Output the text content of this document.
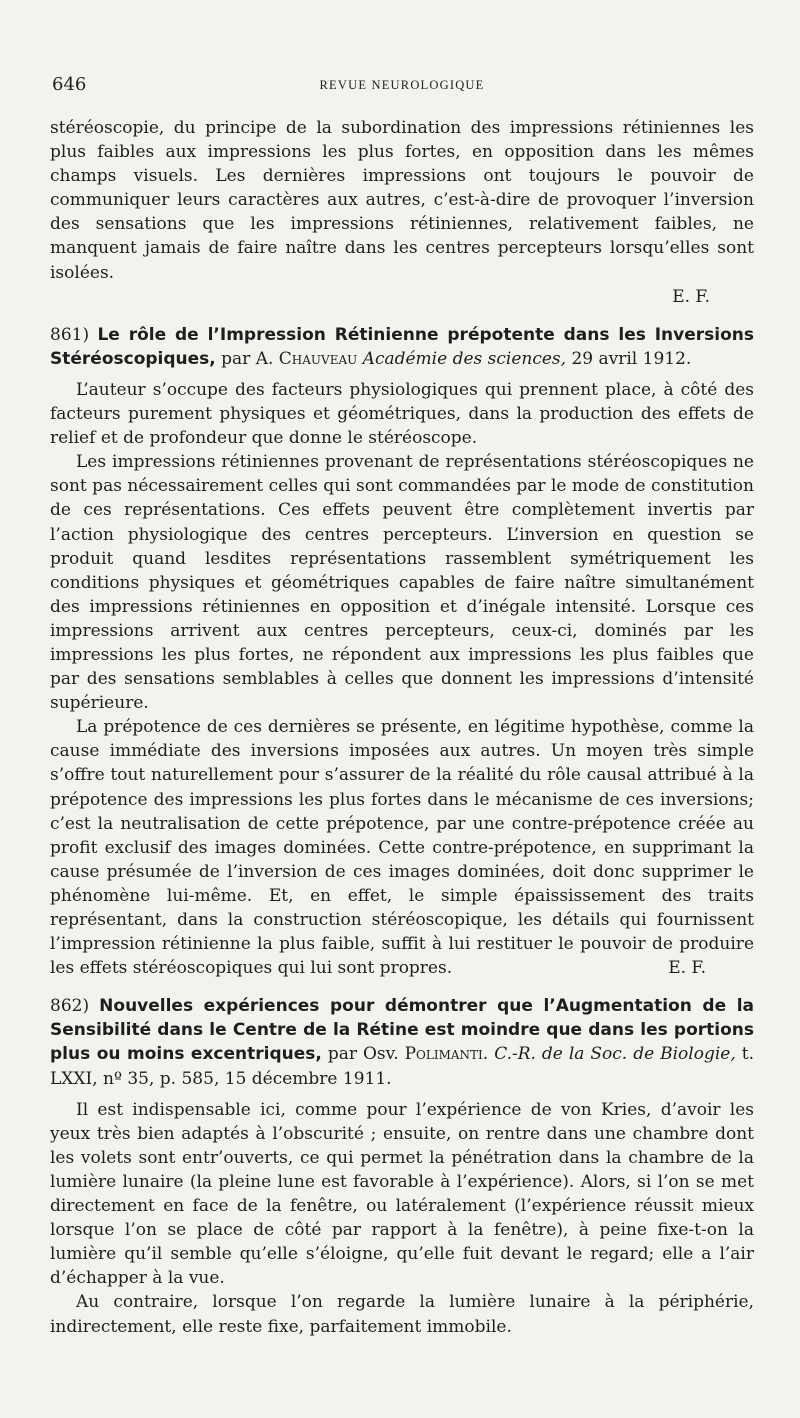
646	REVUE NEUROLOGIQUE

stéréoscopie, du principe de la subordination des impressions rétiniennes les plus faibles aux impressions les plus fortes, en opposition dans les mêmes champs visuels. Les dernières impressions ont toujours le pouvoir de communiquer leurs caractères aux autres, c’est-à-dire de provoquer l’inversion des sensations que les impressions rétiniennes, relativement faibles, ne manquent jamais de faire naître dans les centres percepteurs lorsqu’elles sont isolées.

E. F.

861) Le rôle de l’Impression Rétinienne prépotente dans les Inversions Stéréoscopiques, par A. Chauveau Académie des sciences, 29 avril 1912.

L’auteur s’occupe des facteurs physiologiques qui prennent place, à côté des facteurs purement physiques et géométriques, dans la production des effets de relief et de profondeur que donne le stéréoscope.

Les impressions rétiniennes provenant de représentations stéréoscopiques ne sont pas nécessairement celles qui sont commandées par le mode de constitution de ces représentations. Ces effets peuvent être complètement invertis par l’action physiologique des centres percepteurs. L’inversion en question se produit quand lesdites représentations rassemblent symétriquement les conditions physiques et géométriques capables de faire naître simultanément des impressions rétiniennes en opposition et d’inégale intensité. Lorsque ces impressions arrivent aux centres percepteurs, ceux-ci, dominés par les impressions les plus fortes, ne répondent aux impressions les plus faibles que par des sensations semblables à celles que donnent les impressions d’intensité supérieure.

La prépotence de ces dernières se présente, en légitime hypothèse, comme la cause immédiate des inversions imposées aux autres. Un moyen très simple s’offre tout naturellement pour s’assurer de la réalité du rôle causal attribué à la prépotence des impressions les plus fortes dans le mécanisme de ces inversions; c’est la neutralisation de cette prépotence, par une contre-prépotence créée au profit exclusif des images dominées. Cette contre-prépotence, en supprimant la cause présumée de l’inversion de ces images dominées, doit donc supprimer le phénomène lui-même. Et, en effet, le simple épaississement des traits représentant, dans la construction stéréoscopique, les détails qui fournissent l’impression rétinienne la plus faible, suffit à lui restituer le pouvoir de produire les effets stéréoscopiques qui lui sont propres.	E. F.

862) Nouvelles expériences pour démontrer que l’Augmentation de la Sensibilité dans le Centre de la Rétine est moindre que dans les portions plus ou moins excentriques, par Osv. Polimanti. C.-R. de la Soc. de Biologie, t. LXXI, nº 35, p. 585, 15 décembre 1911.

Il est indispensable ici, comme pour l’expérience de von Kries, d’avoir les yeux très bien adaptés à l’obscurité ; ensuite, on rentre dans une chambre dont les volets sont entr’ouverts, ce qui permet la pénétration dans la chambre de la lumière lunaire (la pleine lune est favorable à l’expérience). Alors, si l’on se met directement en face de la fenêtre, ou latéralement (l’expérience réussit mieux lorsque l’on se place de côté par rapport à la fenêtre), à peine fixe-t-on la lumière qu’il semble qu’elle s’éloigne, qu’elle fuit devant le regard; elle a l’air d’échapper à la vue.

Au contraire, lorsque l’on regarde la lumière lunaire à la périphérie, indirectement, elle reste fixe, parfaitement immobile.
